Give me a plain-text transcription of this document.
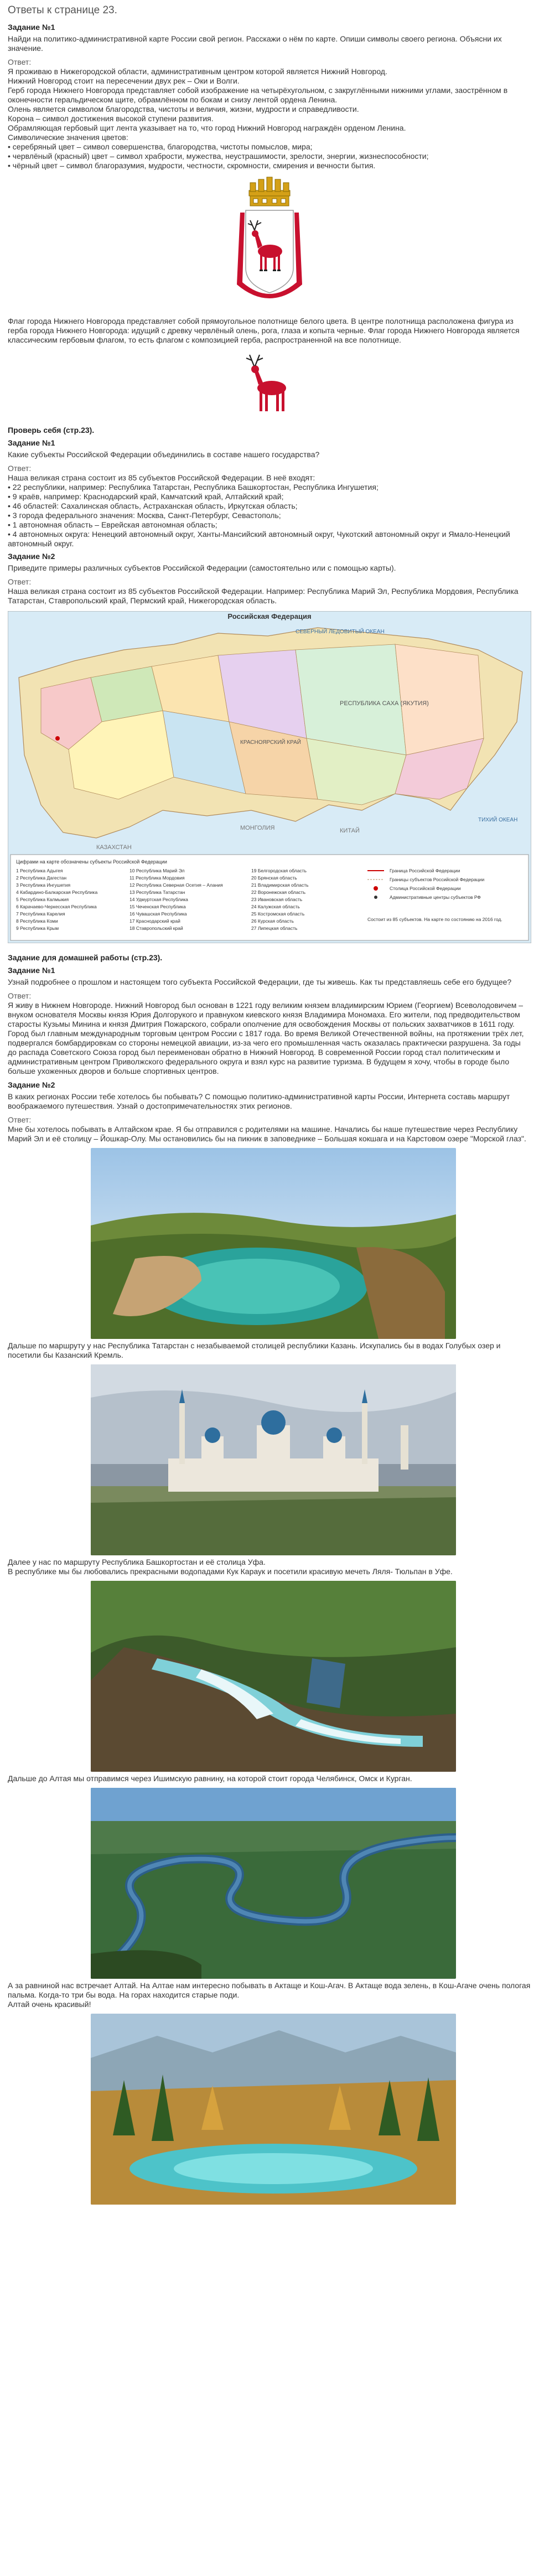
Ответы к странице 23.
Задание №1

Найди на политико-административной карте России свой регион. Расскажи о нём по карте. Опиши символы своего региона. Объясни их значение.

Ответ:

Я проживаю в Нижегородской области, административным центром которой является Нижний Новгород.

Нижний Новгород стоит на пересечении двух рек – Оки и Волги.

Герб города Нижнего Новгорода представляет собой изображение на четырёхугольном, с закруглёнными нижними углами, заострённом в оконечности геральдическом щите, обрамлённом по бокам и снизу лентой ордена Ленина.

Олень является символом благородства, чистоты и величия, жизни, мудрости и справедливости.

Корона – символ достижения высокой ступени развития.

Обрамляющая гербовый щит лента указывает на то, что город Нижний Новгород награждён орденом Ленина.

Символические значения цветов:

• серебряный цвет – символ совершенства, благородства, чистоты помыслов, мира;

• червлёный (красный) цвет – символ храбрости, мужества, неустрашимости, зрелости, энергии, жизнеспособности;

• чёрный цвет – символ благоразумия, мудрости, честности, скромности, смирения и вечности бытия.

Флаг города Нижнего Новгорода представляет собой прямоугольное полотнище белого цвета. В центре полотнища расположена фигура из герба города Нижнего Новгорода: идущий с древку червлёный олень, рога, глаза и копыта черные. Флаг города Нижнего Новгорода является классическим гербовым флагом, то есть флагом с композицией герба, распространенной на все полотнище.

Проверь себя (стр.23).
Задание №1

Какие субъекты Российской Федерации объединились в составе нашего государства?

Ответ:

Наша великая страна состоит из 85 субъектов Российской Федерации. В неё входят:

• 22 республики, например: Республика Татарстан, Республика Башкортостан, Республика Ингушетия;

• 9 краёв, например: Краснодарский край, Камчатский край, Алтайский край;

• 46 областей: Сахалинская область, Астраханская область, Иркутская область;

• 3 города федерального значения: Москва, Санкт-Петербург, Севастополь;

• 1 автономная область – Еврейская автономная область;

• 4 автономных округа: Ненецкий автономный округ, Ханты-Мансийский автономный округ, Чукотский автономный округ и Ямало-Ненецкий автономный округ.

Задание №2

Приведите примеры различных субъектов Российской Федерации (самостоятельно или с помощью карты).

Ответ:

Наша великая страна состоит из 85 субъектов Российской Федерации. Например: Республика Марий Эл, Республика Мордовия, Республика Татарстан, Ставропольский край, Пермский край, Нижегородская область.

Российская Федерация
СЕВЕРНЫЙ ЛЕДОВИТЫЙ ОКЕАН
РЕСПУБЛИКА САХА (ЯКУТИЯ)
КРАСНОЯРСКИЙ КРАЙ
КАЗАХСТАН
МОНГОЛИЯ	КИТАЙ
ТИХИЙ ОКЕАН
Цифрами на карте обозначены субъекты Российской Федерации
1 Республика Адыгея
2 Республика Дагестан
3 Республика Ингушетия
4 Кабардино-Балкарская Республика
5 Республика Калмыкия
6 Карачаево-Черкесская Республика
7 Республика Карелия
8 Республика Коми
9 Республика Крым
10 Республика Марий Эл
11 Республика Мордовия
12 Республика Северная Осетия – Алания
13 Республика Татарстан
14 Удмуртская Республика
15 Чеченская Республика
16 Чувашская Республика
17 Краснодарский край
18 Ставропольский край
19 Белгородская область
20 Брянская область
21 Владимирская область
22 Воронежская область
23 Ивановская область
24 Калужская область
25 Костромская область
26 Курская область
27 Липецкая область
Граница Российской Федерации
Границы субъектов Российской Федерации
Столица Российской Федерации
Административные центры субъектов РФ
Состоит из 85 субъектов. На карте по состоянию на 2016 год.
Задание для домашней работы (стр.23).
Задание №1

Узнай подробнее о прошлом и настоящем того субъекта Российской Федерации, где ты живешь. Как ты представляешь себе его будущее?

Ответ:

Я живу в Нижнем Новгороде. Нижний Новгород был основан в 1221 году великим князем владимирским Юрием (Георгием) Всеволодовичем – внуком основателя Москвы князя Юрия Долгорукого и правнуком киевского князя Владимира Мономаха. Его жители, под предводительством старосты Кузьмы Минина и князя Дмитрия Пожарского, собрали ополчение для освобождения Москвы от польских захватчиков в 1611 году. Город был главным международным торговым центром России с 1817 года. Во время Великой Отечественной войны, на протяжении трёх лет, подвергался бомбардировкам со стороны немецкой авиации, из-за чего его промышленная часть оказалась практически разрушена. За годы до распада Советского Союза город был переименован обратно в Нижний Новгород. В современной России город стал политическим и административным центром Приволжского федерального округа и взял курс на развитие туризма. В будущем я хочу, чтобы в городе было больше ухоженных дворов и больше спортивных центров.

Задание №2

В каких регионах России тебе хотелось бы побывать? С помощью политико-административной карты России, Интернета составь маршрут воображаемого путешествия. Узнай о достопримечательностях этих регионов.

Ответ:

Мне бы хотелось побывать в Алтайском крае. Я бы отправился с родителями на машине. Начались бы наше путешествие через Республику Марий Эл и её столицу – Йошкар-Олу. Мы остановились бы на пикник в заповеднике – Большая кокшага и на Карстовом озере "Морской глаз".

Дальше по маршруту у нас Республика Татарстан с незабываемой столицей республики Казань. Искупались бы в водах Голубых озер и посетили бы Казанский Кремль.

Далее у нас по маршруту Республика Башкортостан и её столица Уфа.

В республике мы бы любовались прекрасными водопадами Кук Караук и посетили красивую мечеть Ляля- Тюльпан в Уфе.

Дальше до Алтая мы отправимся через Ишимскую равнину, на которой стоит города Челябинск, Омск и Курган.

А за равниной нас встречает Алтай. На Алтае нам интересно побывать в Актаще и Кош-Агач. В Актаще вода зелень, в Кош-Агаче очень пологая пальма. Когда-то три бы вода. На горах находится старые поди.

Алтай очень красивый!
